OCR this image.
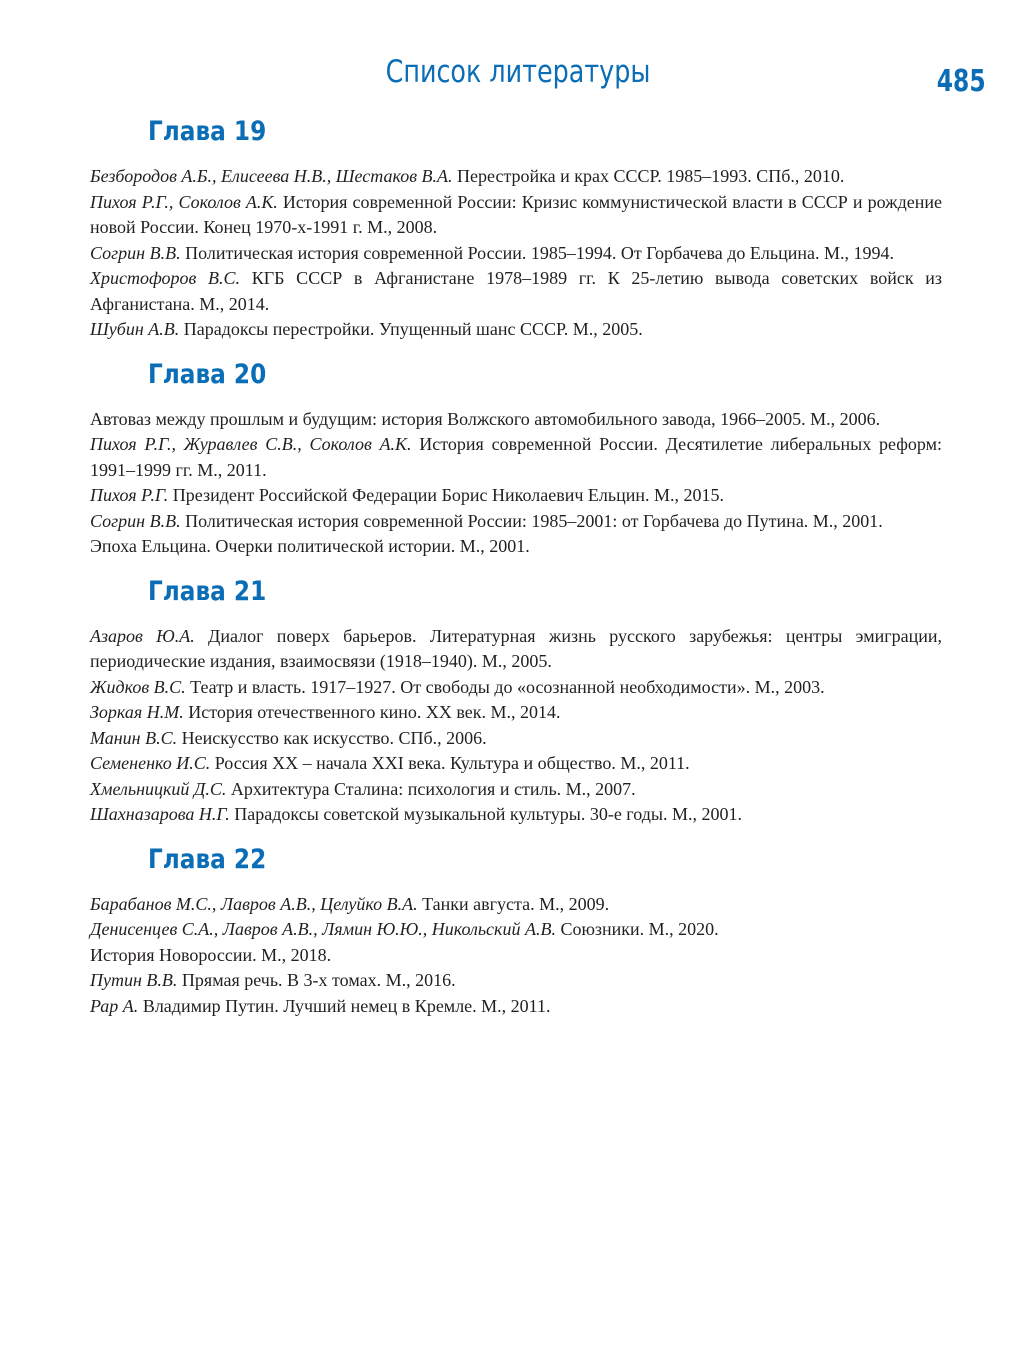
Список литературы	485
Глава 19

Безбородов А.Б., Елисеева Н.В., Шестаков В.А. Перестройка и крах СССР. 1985–1993. СПб., 2010.

Пихоя Р.Г., Соколов А.К. История современной России: Кризис коммунистической власти в СССР и рождение новой России. Конец 1970-х-1991 г. М., 2008.

Согрин В.В. Политическая история современной России. 1985–1994. От Горбачева до Ельцина. М., 1994.

Христофоров В.С. КГБ СССР в Афганистане 1978–1989 гг. К 25-летию вывода советских войск из Афганистана. М., 2014.

Шубин А.В. Парадоксы перестройки. Упущенный шанс СССР. М., 2005.

Глава 20

Автоваз между прошлым и будущим: история Волжского автомобильного завода, 1966–2005. М., 2006.

Пихоя Р.Г., Журавлев С.В., Соколов А.К. История современной России. Десятилетие либеральных реформ: 1991–1999 гг. М., 2011.

Пихоя Р.Г. Президент Российской Федерации Борис Николаевич Ельцин. М., 2015.

Согрин В.В. Политическая история современной России: 1985–2001: от Горбачева до Путина. М., 2001.

Эпоха Ельцина. Очерки политической истории. М., 2001.

Глава 21

Азаров Ю.А. Диалог поверх барьеров. Литературная жизнь русского зарубежья: центры эмиграции, периодические издания, взаимосвязи (1918–1940). М., 2005.

Жидков В.С. Театр и власть. 1917–1927. От свободы до «осознанной необходимости». М., 2003.

Зоркая Н.М. История отечественного кино. XX век. М., 2014.

Манин В.С. Неискусство как искусство. СПб., 2006.

Семененко И.С. Россия XX – начала XXI века. Культура и общество. М., 2011.

Хмельницкий Д.С. Архитектура Сталина: психология и стиль. М., 2007.

Шахназарова Н.Г. Парадоксы советской музыкальной культуры. 30-е годы. М., 2001.

Глава 22

Барабанов М.С., Лавров А.В., Целуйко В.А. Танки августа. М., 2009.

Денисенцев С.А., Лавров А.В., Лямин Ю.Ю., Никольский А.В. Союзники. М., 2020.

История Новороссии. М., 2018.

Путин В.В. Прямая речь. В 3-х томах. М., 2016.

Рар А. Владимир Путин. Лучший немец в Кремле. М., 2011.
